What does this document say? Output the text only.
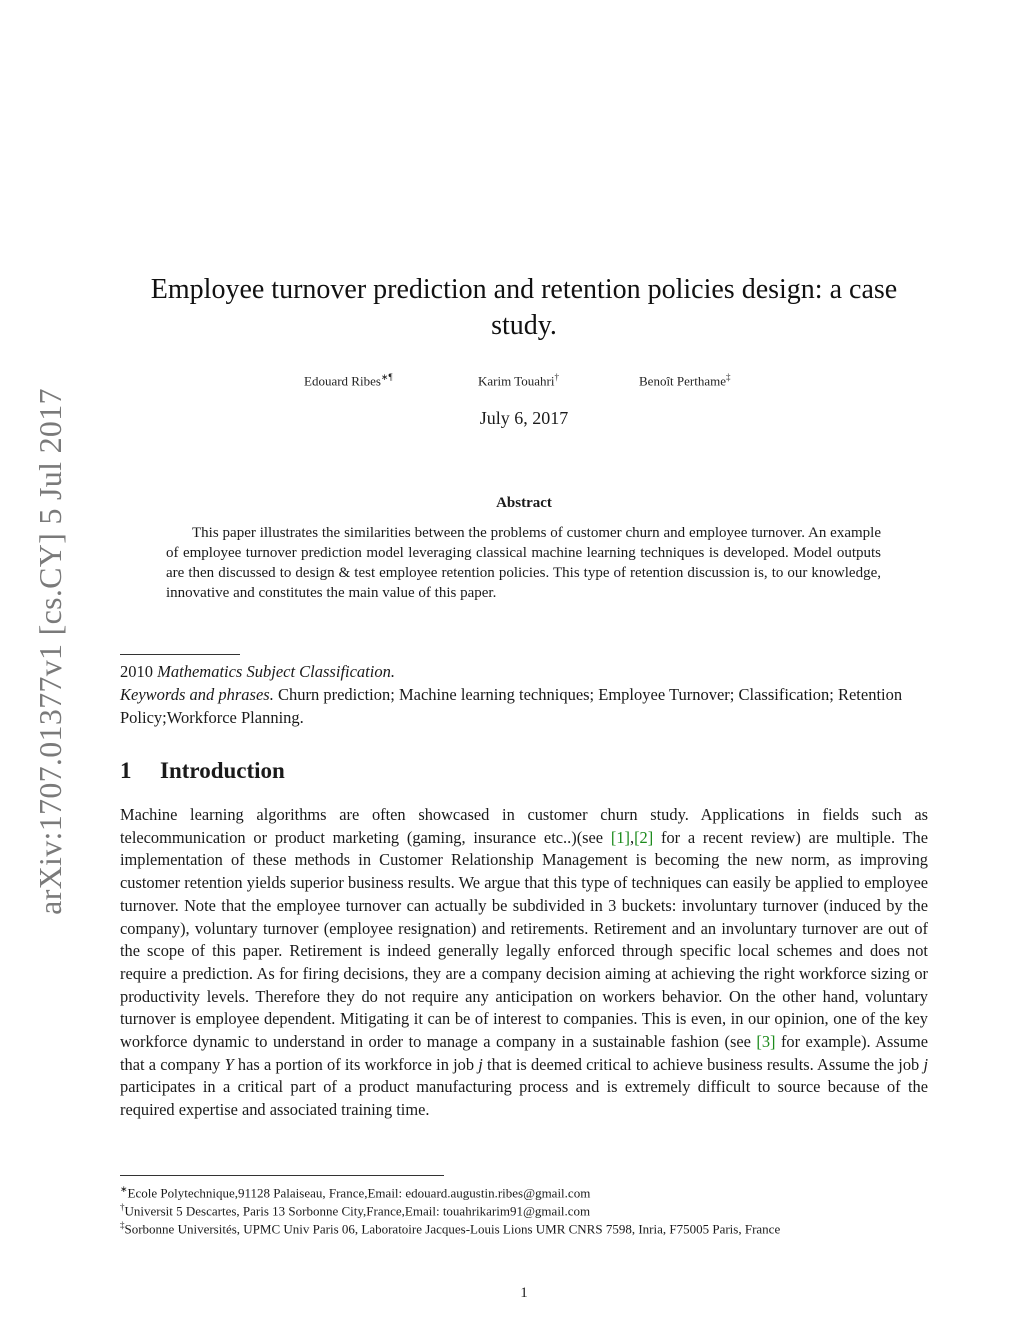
arXiv:1707.01377v1 [cs.CY] 5 Jul 2017
Employee turnover prediction and retention policies design: a case study.
Edouard Ribes∗¶	Karim Touahri†	Benoît Perthame‡
July 6, 2017
Abstract
This paper illustrates the similarities between the problems of customer churn and employee turnover. An example of employee turnover prediction model leveraging classical machine learning techniques is developed. Model outputs are then discussed to design & test employee retention policies. This type of retention discussion is, to our knowledge, innovative and constitutes the main value of this paper.
2010 Mathematics Subject Classification.
Keywords and phrases. Churn prediction; Machine learning techniques; Employee Turnover; Classification; Retention Policy;Workforce Planning.
1 Introduction
Machine learning algorithms are often showcased in customer churn study. Applications in fields such as telecommunication or product marketing (gaming, insurance etc..)(see [1],[2] for a recent review) are multiple. The implementation of these methods in Customer Relationship Management is becoming the new norm, as improving customer retention yields superior business results. We argue that this type of techniques can easily be applied to employee turnover. Note that the employee turnover can actually be subdivided in 3 buckets: involuntary turnover (induced by the company), voluntary turnover (employee resignation) and retirements. Retirement and an involuntary turnover are out of the scope of this paper. Retirement is indeed generally legally enforced through specific local schemes and does not require a prediction. As for firing decisions, they are a company decision aiming at achieving the right workforce sizing or productivity levels. Therefore they do not require any anticipation on workers behavior. On the other hand, voluntary turnover is employee dependent. Mitigating it can be of interest to companies. This is even, in our opinion, one of the key workforce dynamic to understand in order to manage a company in a sustainable fashion (see [3] for example). Assume that a company Y has a portion of its workforce in job j that is deemed critical to achieve business results. Assume the job j participates in a critical part of a product manufacturing process and is extremely difficult to source because of the required expertise and associated training time.
∗Ecole Polytechnique,91128 Palaiseau, France,Email: edouard.augustin.ribes@gmail.com
†Universit 5 Descartes, Paris 13 Sorbonne City,France,Email: touahrikarim91@gmail.com
‡Sorbonne Universités, UPMC Univ Paris 06, Laboratoire Jacques-Louis Lions UMR CNRS 7598, Inria, F75005 Paris, France
1
